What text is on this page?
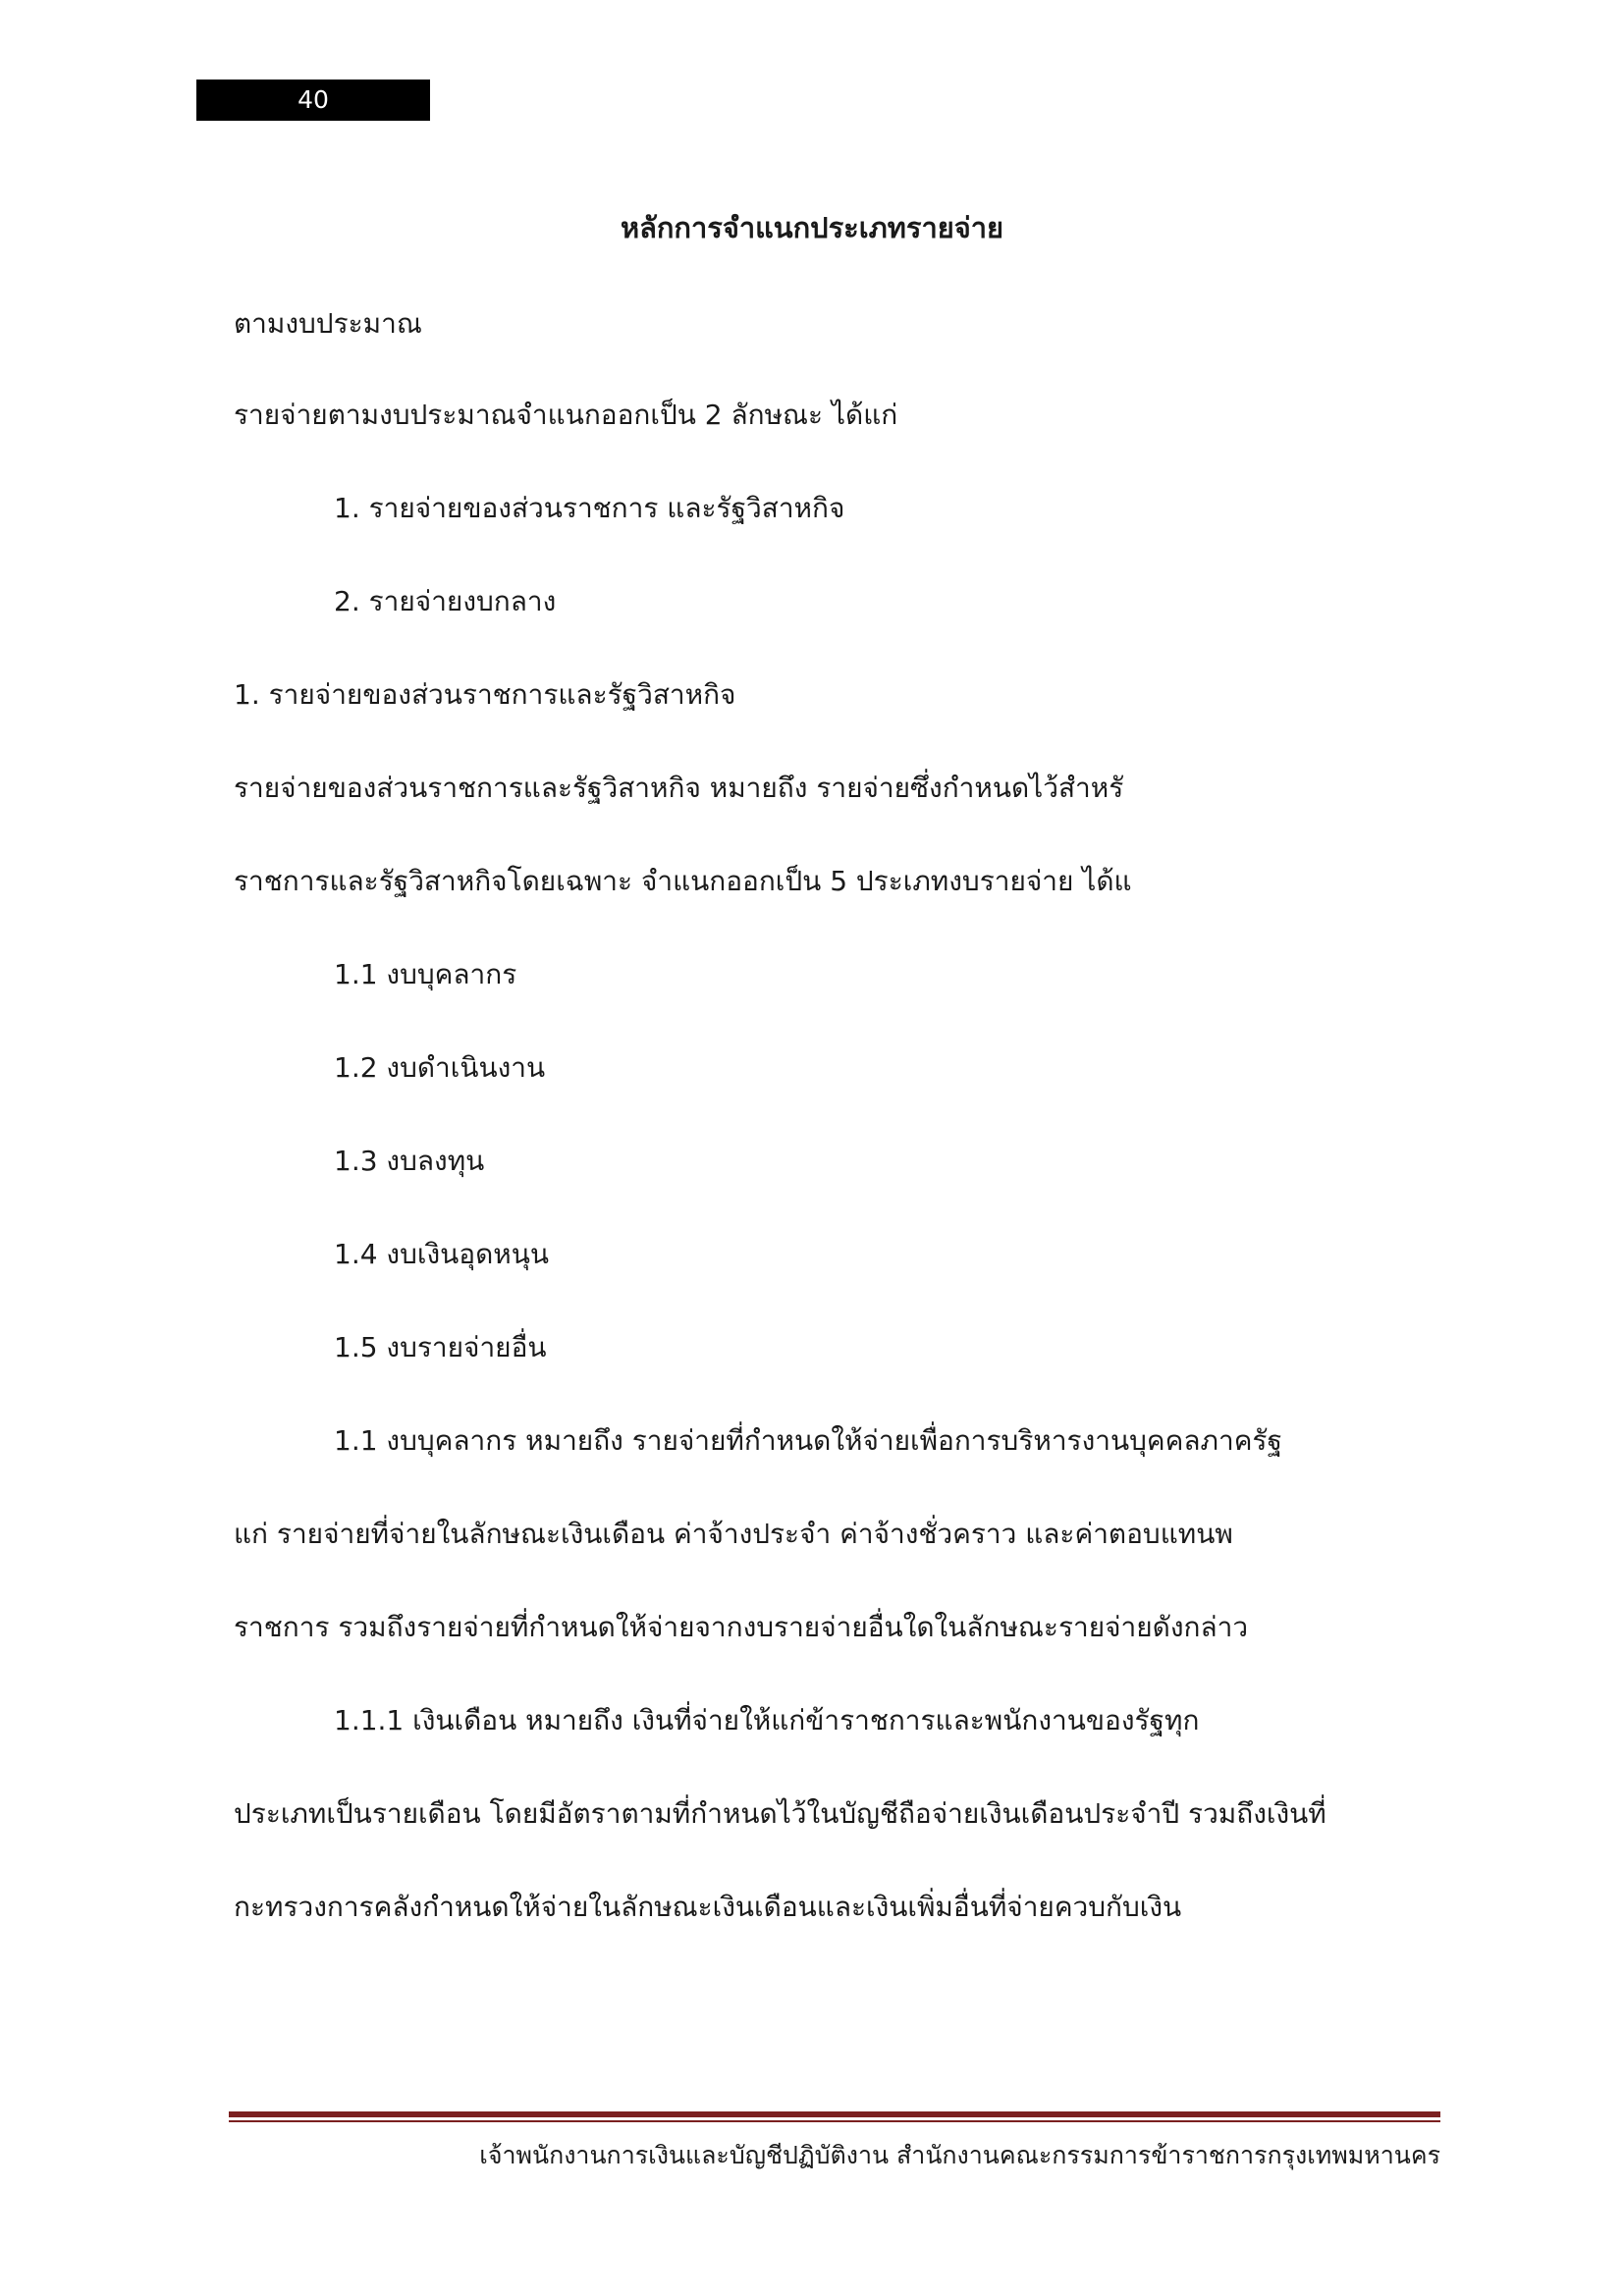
40
หลักการจำแนกประเภทรายจ่าย
ตามงบประมาณ
รายจ่ายตามงบประมาณจำแนกออกเป็น 2 ลักษณะ ได้แก่
1. รายจ่ายของส่วนราชการ และรัฐวิสาหกิจ
2. รายจ่ายงบกลาง
1. รายจ่ายของส่วนราชการและรัฐวิสาหกิจ
รายจ่ายของส่วนราชการและรัฐวิสาหกิจ หมายถึง รายจ่ายซึ่งกำหนดไว้สำหรั
ราชการและรัฐวิสาหกิจโดยเฉพาะ จำแนกออกเป็น 5 ประเภทงบรายจ่าย ได้แ
1.1 งบบุคลากร
1.2 งบดำเนินงาน
1.3 งบลงทุน
1.4 งบเงินอุดหนุน
1.5 งบรายจ่ายอื่น
1.1 งบบุคลากร หมายถึง รายจ่ายที่กำหนดให้จ่ายเพื่อการบริหารงานบุคคลภาครัฐ
แก่ รายจ่ายที่จ่ายในลักษณะเงินเดือน ค่าจ้างประจำ ค่าจ้างชั่วคราว และค่าตอบแทนพ
ราชการ รวมถึงรายจ่ายที่กำหนดให้จ่ายจากงบรายจ่ายอื่นใดในลักษณะรายจ่ายดังกล่าว
1.1.1 เงินเดือน หมายถึง เงินที่จ่ายให้แก่ข้าราชการและพนักงานของรัฐทุก
ประเภทเป็นรายเดือน โดยมีอัตราตามที่กำหนดไว้ในบัญชีถือจ่ายเงินเดือนประจำปี รวมถึงเงินที่
กะทรวงการคลังกำหนดให้จ่ายในลักษณะเงินเดือนและเงินเพิ่มอื่นที่จ่ายควบกับเงิน
เจ้าพนักงานการเงินและบัญชีปฏิบัติงาน สำนักงานคณะกรรมการข้าราชการกรุงเทพมหานคร
